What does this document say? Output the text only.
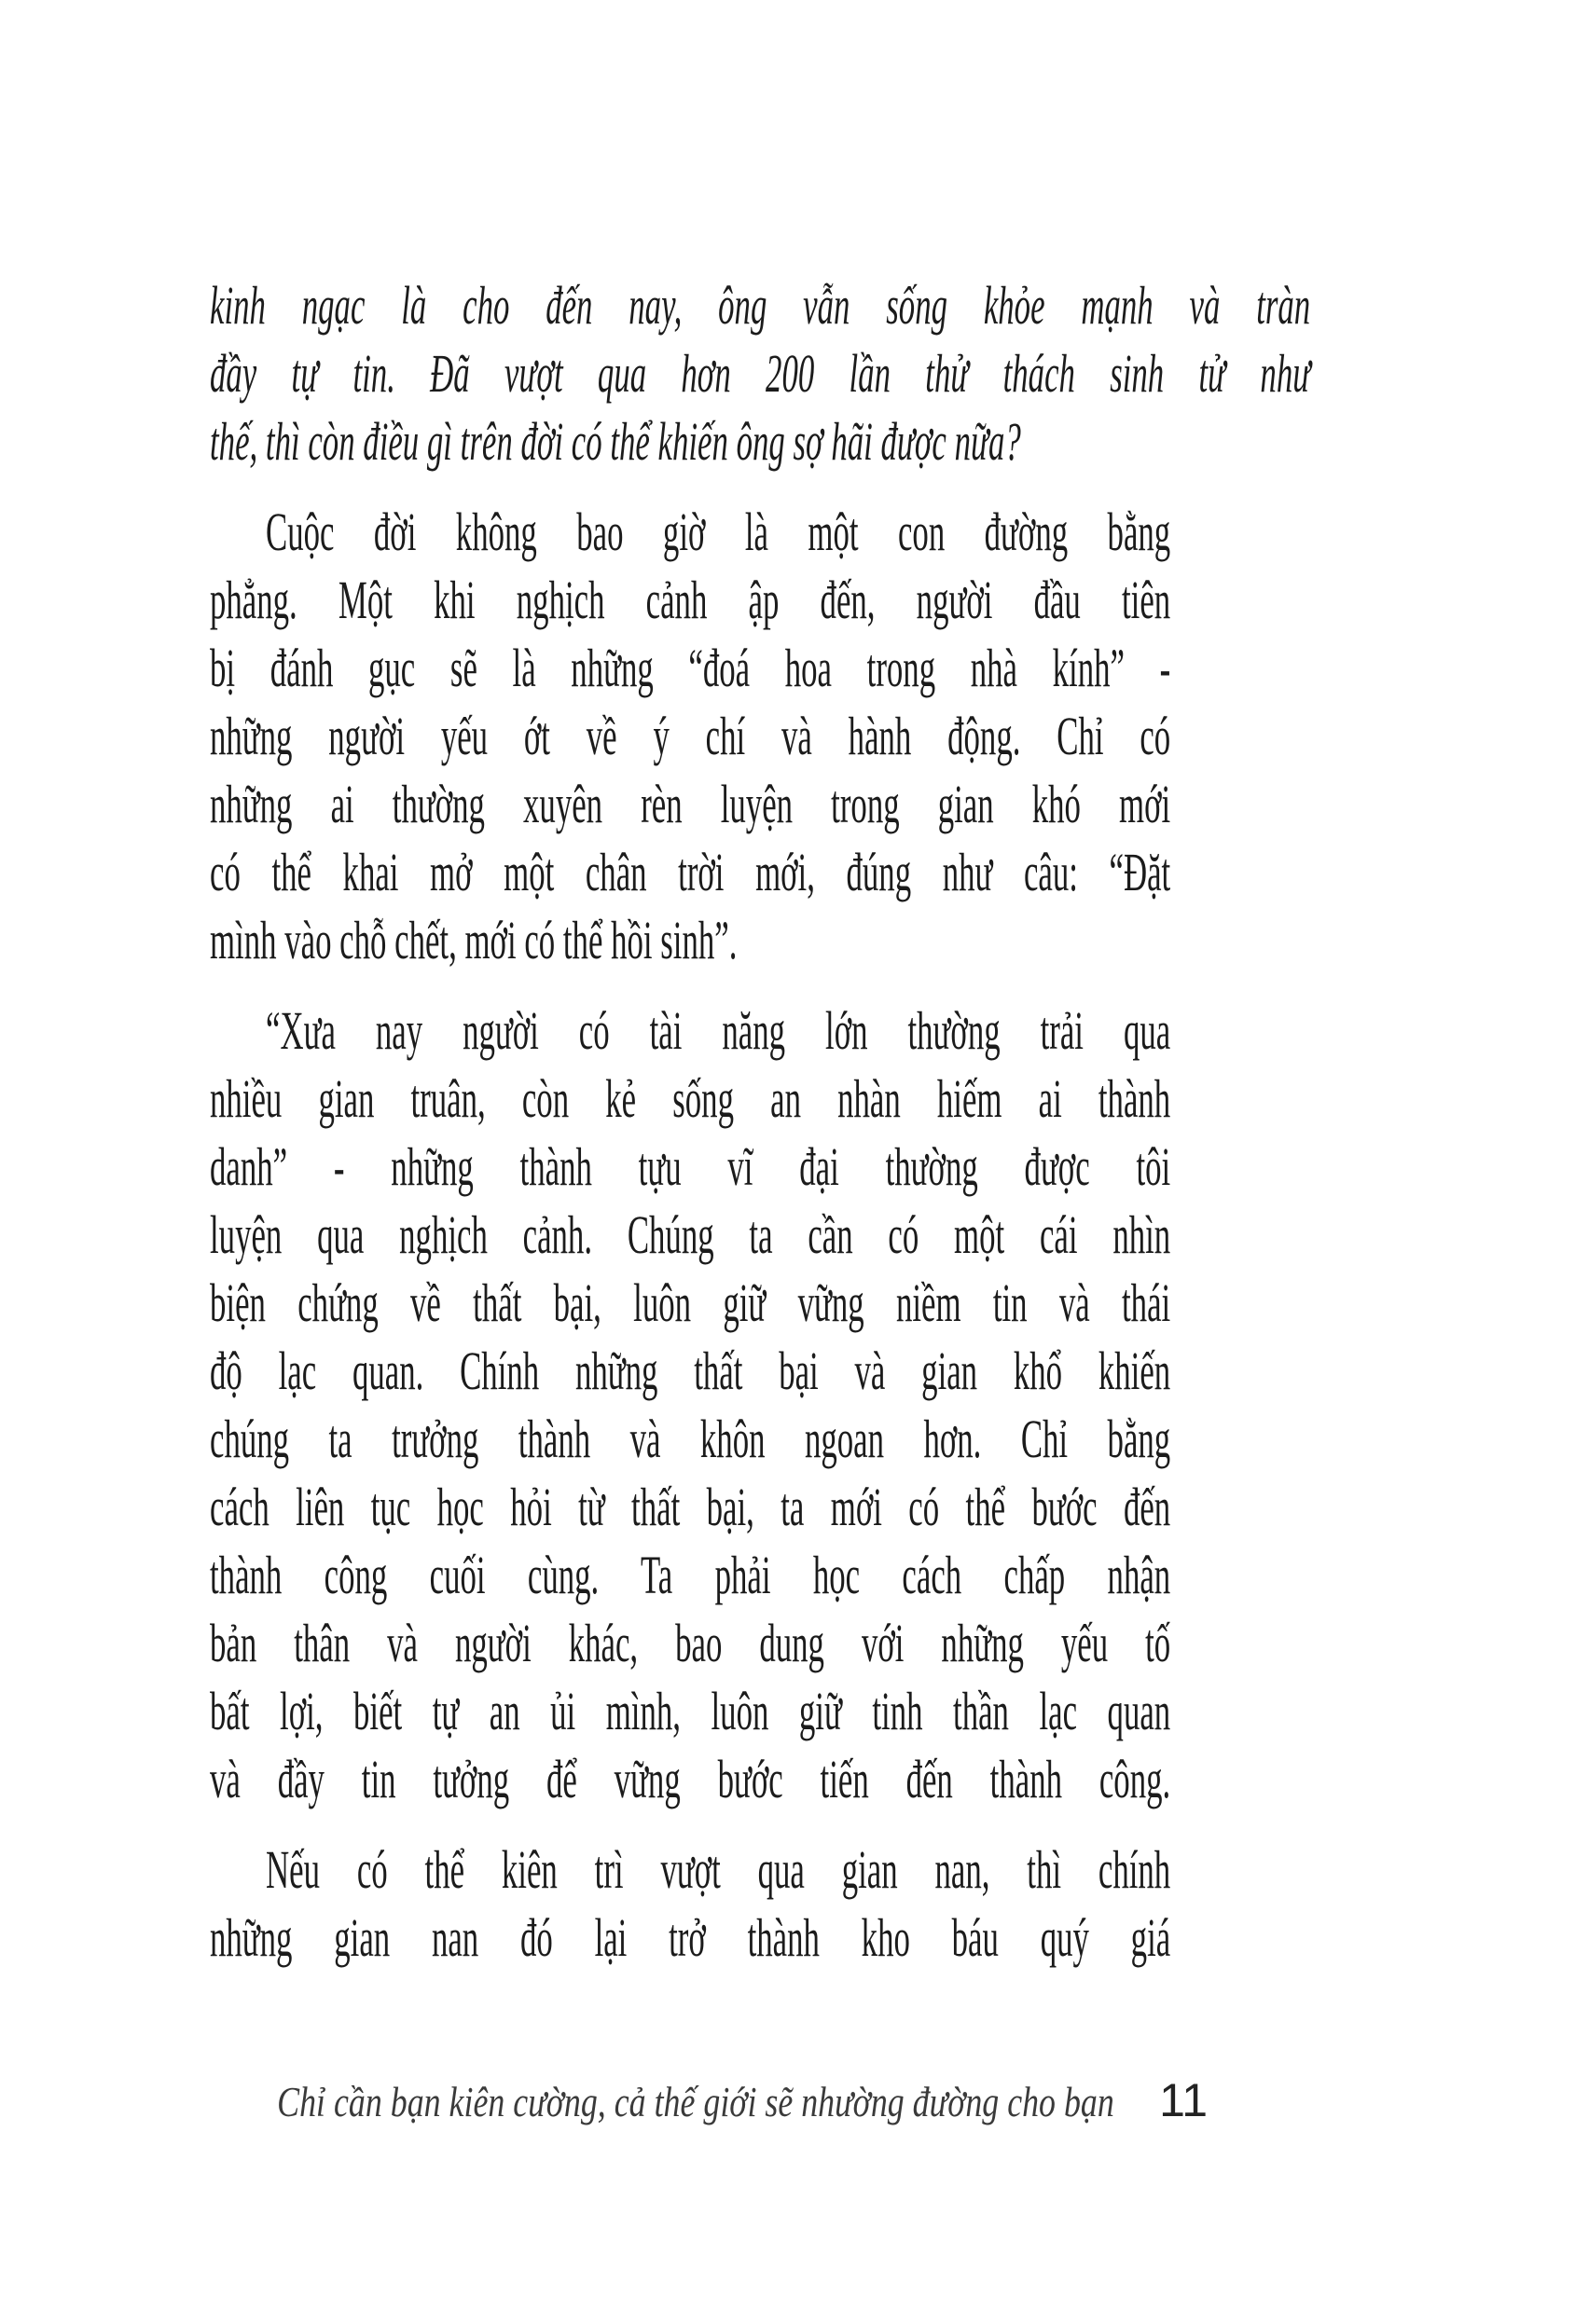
kinh ngạc là cho đến nay, ông vẫn sống khỏe mạnh và tràn
đầy tự tin. Đã vượt qua hơn 200 lần thử thách sinh tử như
thế, thì còn điều gì trên đời có thể khiến ông sợ hãi được nữa?
Cuộc đời không bao giờ là một con đường bằng
phẳng. Một khi nghịch cảnh ập đến, người đầu tiên
bị đánh gục sẽ là những “đoá hoa trong nhà kính” -
những người yếu ớt về ý chí và hành động. Chỉ có
những ai thường xuyên rèn luyện trong gian khó mới
có thể khai mở một chân trời mới, đúng như câu: “Đặt
mình vào chỗ chết, mới có thể hồi sinh”.
“Xưa nay người có tài năng lớn thường trải qua
nhiều gian truân, còn kẻ sống an nhàn hiếm ai thành
danh” - những thành tựu vĩ đại thường được tôi
luyện qua nghịch cảnh. Chúng ta cần có một cái nhìn
biện chứng về thất bại, luôn giữ vững niềm tin và thái
độ lạc quan. Chính những thất bại và gian khổ khiến
chúng ta trưởng thành và khôn ngoan hơn. Chỉ bằng
cách liên tục học hỏi từ thất bại, ta mới có thể bước đến
thành công cuối cùng. Ta phải học cách chấp nhận
bản thân và người khác, bao dung với những yếu tố
bất lợi, biết tự an ủi mình, luôn giữ tinh thần lạc quan
và đầy tin tưởng để vững bước tiến đến thành công.
Nếu có thể kiên trì vượt qua gian nan, thì chính
những gian nan đó lại trở thành kho báu quý giá
Chỉ cần bạn kiên cường, cả thế giới sẽ nhường đường cho bạn 11
